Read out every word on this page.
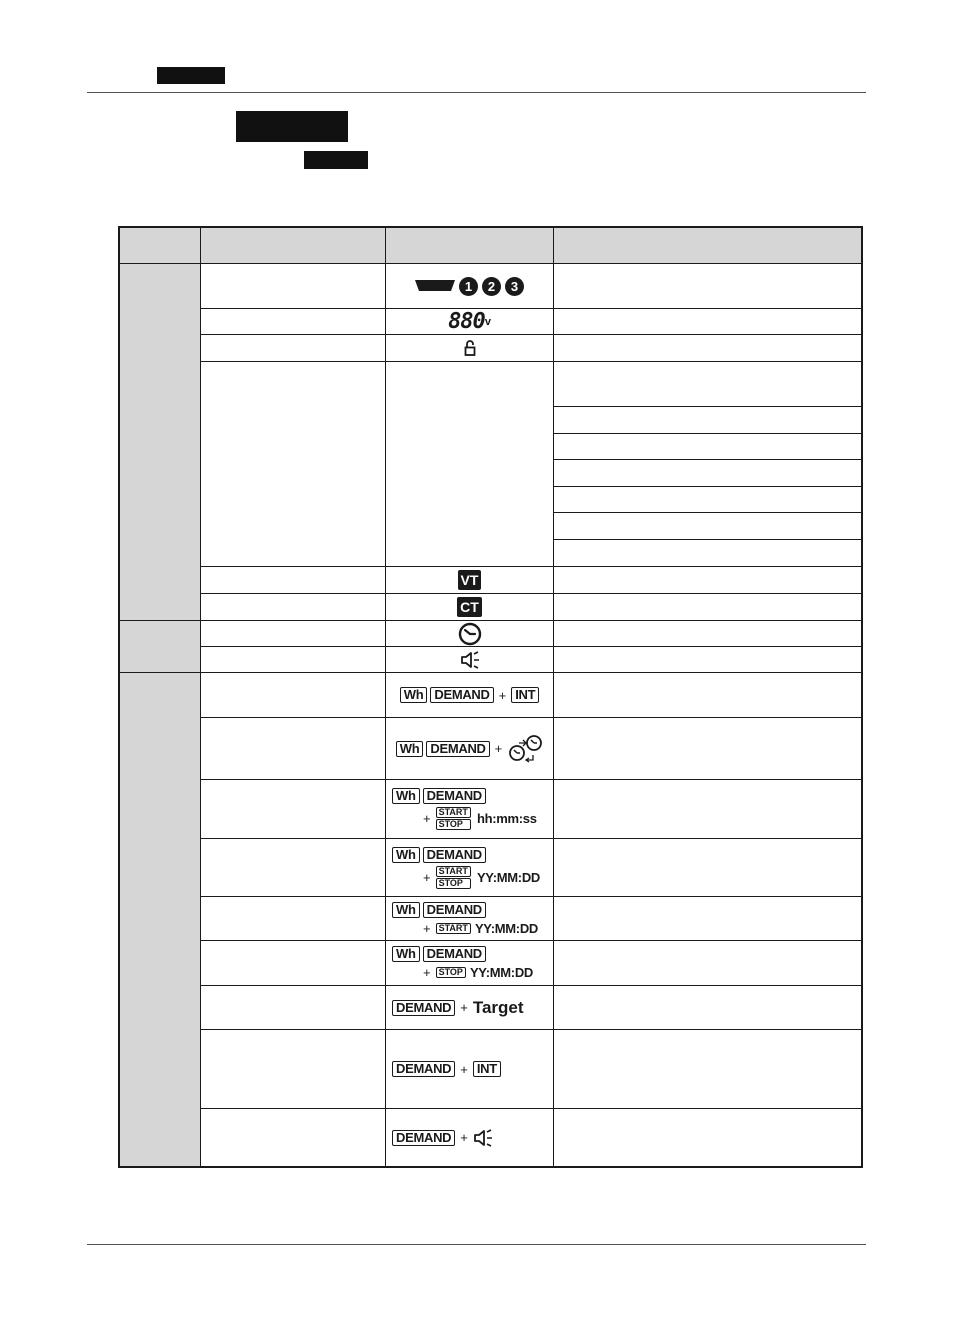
1	2	3
880 v
VT
CT
Wh DEMAND + INT
Wh DEMAND +
Wh DEMAND
+ START
STOP	hh:mm:ss
Wh DEMAND
+ START
STOP	YY:MM:DD
Wh DEMAND
+ START YY:MM:DD
Wh DEMAND
+ STOP YY:MM:DD
DEMAND + Target
DEMAND + INT
DEMAND +
